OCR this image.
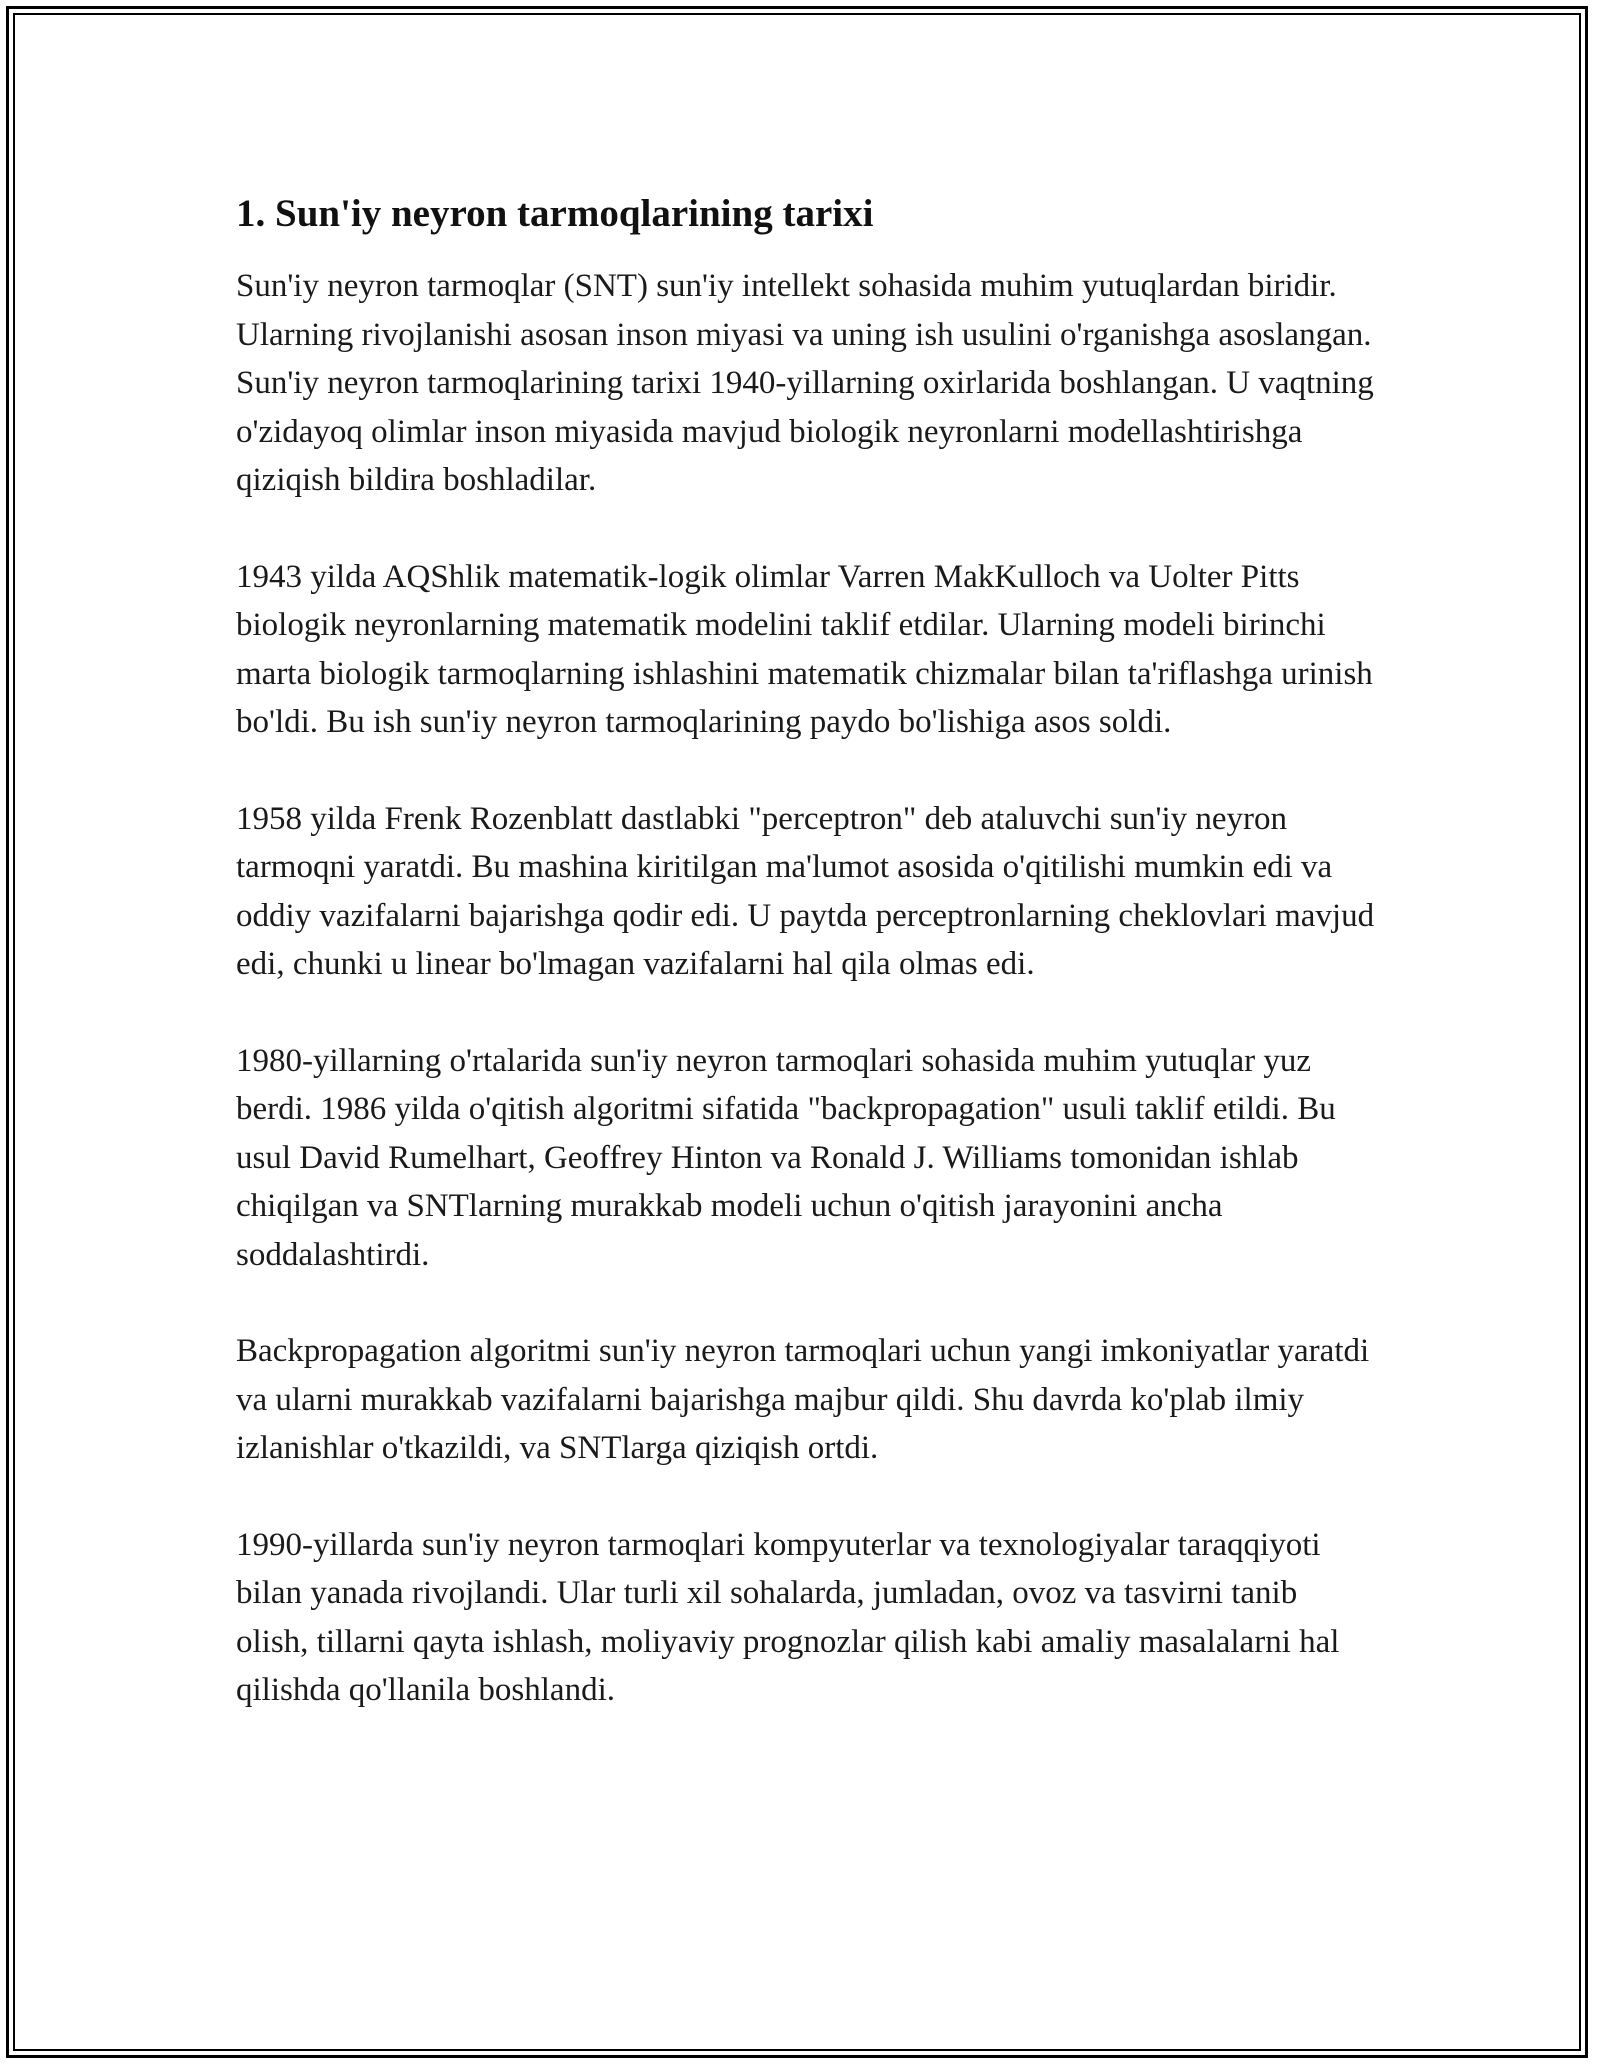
1. Sun'iy neyron tarmoqlarining tarixi

Sun'iy neyron tarmoqlar (SNT) sun'iy intellekt sohasida muhim yutuqlardan biridir. Ularning rivojlanishi asosan inson miyasi va uning ish usulini o'rganishga asoslangan. Sun'iy neyron tarmoqlarining tarixi 1940-yillarning oxirlarida boshlangan. U vaqtning o'zidayoq olimlar inson miyasida mavjud biologik neyronlarni modellashtirishga qiziqish bildira boshladilar.

1943 yilda AQShlik matematik-logik olimlar Varren MakKulloch va Uolter Pitts biologik neyronlarning matematik modelini taklif etdilar. Ularning modeli birinchi marta biologik tarmoqlarning ishlashini matematik chizmalar bilan ta'riflashga urinish bo'ldi. Bu ish sun'iy neyron tarmoqlarining paydo bo'lishiga asos soldi.

1958 yilda Frenk Rozenblatt dastlabki "perceptron" deb ataluvchi sun'iy neyron tarmoqni yaratdi. Bu mashina kiritilgan ma'lumot asosida o'qitilishi mumkin edi va oddiy vazifalarni bajarishga qodir edi. U paytda perceptronlarning cheklovlari mavjud edi, chunki u linear bo'lmagan vazifalarni hal qila olmas edi.

1980-yillarning o'rtalarida sun'iy neyron tarmoqlari sohasida muhim yutuqlar yuz berdi. 1986 yilda o'qitish algoritmi sifatida "backpropagation" usuli taklif etildi. Bu usul David Rumelhart, Geoffrey Hinton va Ronald J. Williams tomonidan ishlab chiqilgan va SNTlarning murakkab modeli uchun o'qitish jarayonini ancha soddalashtirdi.

Backpropagation algoritmi sun'iy neyron tarmoqlari uchun yangi imkoniyatlar yaratdi va ularni murakkab vazifalarni bajarishga majbur qildi. Shu davrda ko'plab ilmiy izlanishlar o'tkazildi, va SNTlarga qiziqish ortdi.

1990-yillarda sun'iy neyron tarmoqlari kompyuterlar va texnologiyalar taraqqiyoti bilan yanada rivojlandi. Ular turli xil sohalarda, jumladan, ovoz va tasvirni tanib olish, tillarni qayta ishlash, moliyaviy prognozlar qilish kabi amaliy masalalarni hal qilishda qo'llanila boshlandi.
